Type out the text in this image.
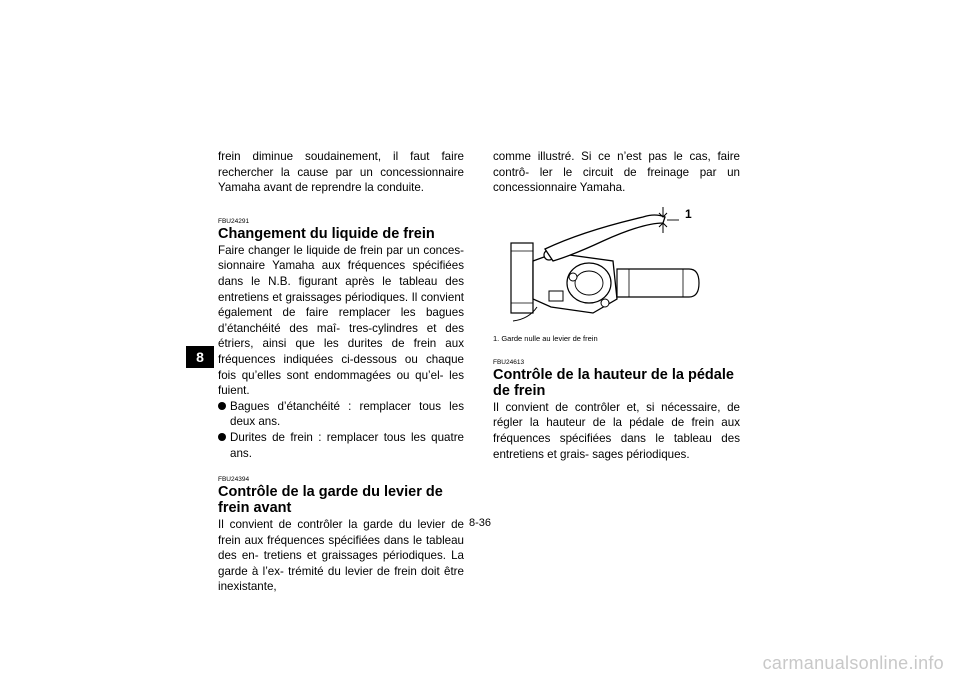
8

frein diminue soudainement, il faut faire rechercher la cause par un concessionnaire Yamaha avant de reprendre la conduite.

FBU24291

Changement du liquide de frein

Faire changer le liquide de frein par un conces- sionnaire Yamaha aux fréquences spécifiées dans le N.B. figurant après le tableau des entretiens et graissages périodiques. Il convient également de faire remplacer les bagues d’étanchéité des maî- tres-cylindres et des étriers, ainsi que les durites de frein aux fréquences indiquées ci-dessous ou chaque fois qu’elles sont endommagées ou qu’el- les fuient.

Bagues d’étanchéité : remplacer tous les deux ans.
Durites de frein : remplacer tous les quatre ans.

FBU24394

Contrôle de la garde du levier de frein avant

Il convient de contrôler la garde du levier de frein aux fréquences spécifiées dans le tableau des en- tretiens et graissages périodiques. La garde à l’ex- trémité du levier de frein doit être inexistante,

comme illustré. Si ce n’est pas le cas, faire contrô- ler le circuit de freinage par un concessionnaire Yamaha.

1

1. Garde nulle au levier de frein

FBU24613

Contrôle de la hauteur de la pédale de frein

Il convient de contrôler et, si nécessaire, de régler la hauteur de la pédale de frein aux fréquences spécifiées dans le tableau des entretiens et grais- sages périodiques.

8-36
carmanualsonline.info
